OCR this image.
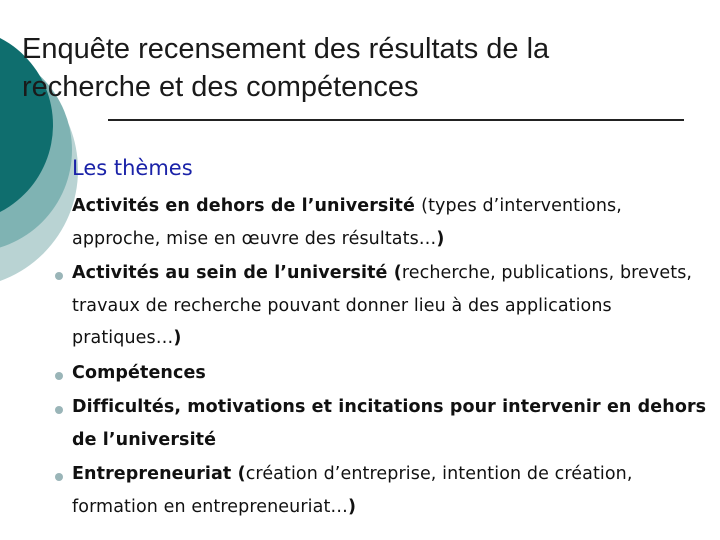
Enquête recensement des résultats de la
recherche et des compétences
Les thèmes
Activités en dehors de l’université (types d’interventions, approche, mise en œuvre des résultats…)
Activités au sein de l’université (recherche, publications, brevets, travaux de recherche pouvant donner lieu à des applications pratiques…)
Compétences
Difficultés, motivations et incitations pour intervenir en dehors de l’université
Entrepreneuriat (création d’entreprise, intention de création, formation en entrepreneuriat…)
